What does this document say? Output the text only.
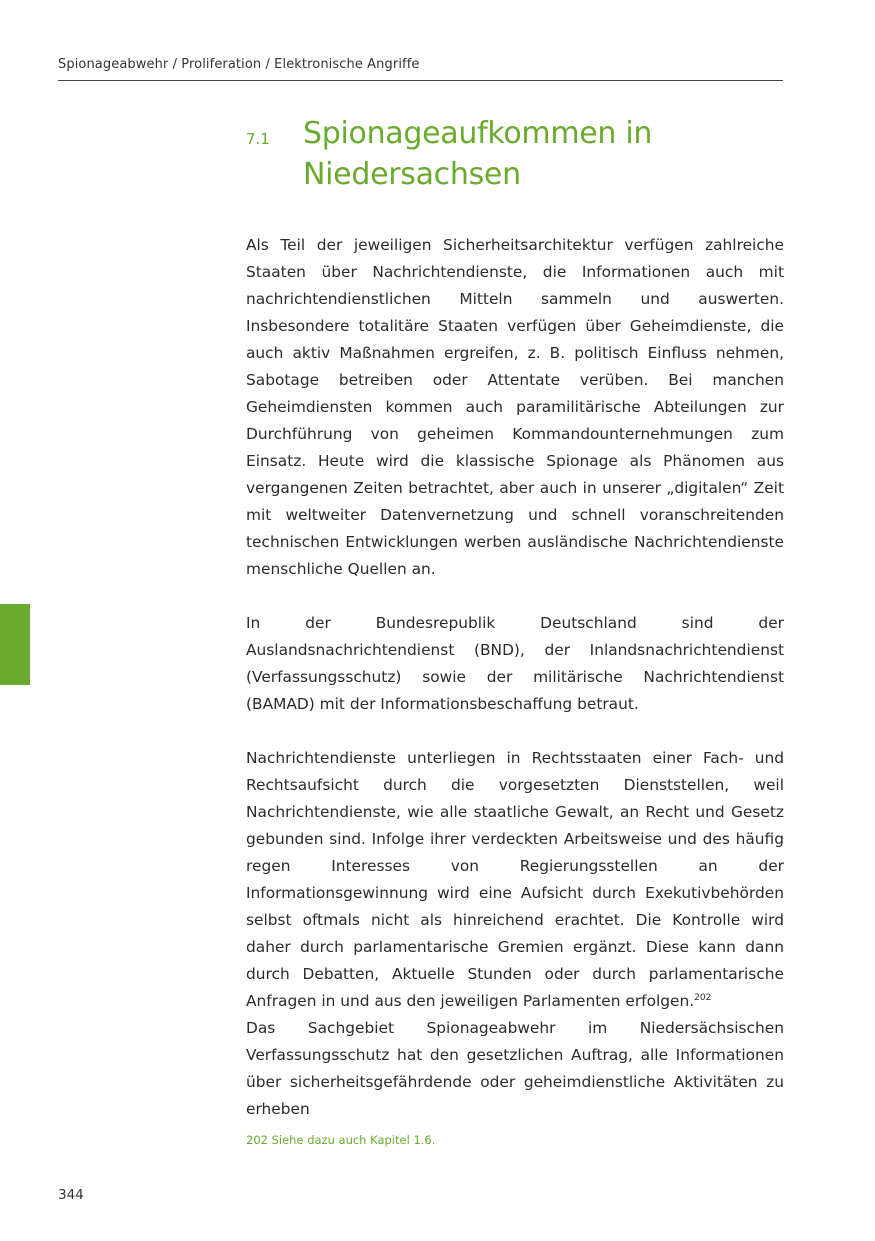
Spionageabwehr / Proliferation / Elektronische Angriffe
7.1 Spionageaufkommen in Niedersachsen

Als Teil der jeweiligen Sicherheitsarchitektur verfügen zahlreiche Staaten über Nachrichtendienste, die Informationen auch mit nachrichtendienstlichen Mitteln sammeln und auswerten. Insbesondere totalitäre Staaten verfügen über Geheimdienste, die auch aktiv Maßnahmen ergreifen, z. B. politisch Einfluss nehmen, Sabotage betreiben oder Attentate verüben. Bei manchen Geheimdiensten kommen auch paramilitärische Abteilungen zur Durchführung von geheimen Kommandounternehmungen zum Einsatz. Heute wird die klassische Spionage als Phänomen aus vergangenen Zeiten betrachtet, aber auch in unserer „digitalen“ Zeit mit weltweiter Datenvernetzung und schnell voranschreitenden technischen Entwicklungen werben ausländische Nachrichtendienste menschliche Quellen an.

In der Bundesrepublik Deutschland sind der Auslandsnachrichtendienst (BND), der Inlandsnachrichtendienst (Verfassungsschutz) sowie der militärische Nachrichtendienst (BAMAD) mit der Informationsbeschaffung betraut.

Nachrichtendienste unterliegen in Rechtsstaaten einer Fach- und Rechtsaufsicht durch die vorgesetzten Dienststellen, weil Nachrichtendienste, wie alle staatliche Gewalt, an Recht und Gesetz gebunden sind. Infolge ihrer verdeckten Arbeitsweise und des häufig regen Interesses von Regierungsstellen an der Informationsgewinnung wird eine Aufsicht durch Exekutivbehörden selbst oftmals nicht als hinreichend erachtet. Die Kontrolle wird daher durch parlamentarische Gremien ergänzt. Diese kann dann durch Debatten, Aktuelle Stunden oder durch parlamentarische Anfragen in und aus den jeweiligen Parlamenten erfolgen.$^{202}$

Das Sachgebiet Spionageabwehr im Niedersächsischen Verfassungsschutz hat den gesetzlichen Auftrag, alle Informationen über sicherheitsgefährdende oder geheimdienstliche Aktivitäten zu erheben

202 Siehe dazu auch Kapitel 1.6.
344
